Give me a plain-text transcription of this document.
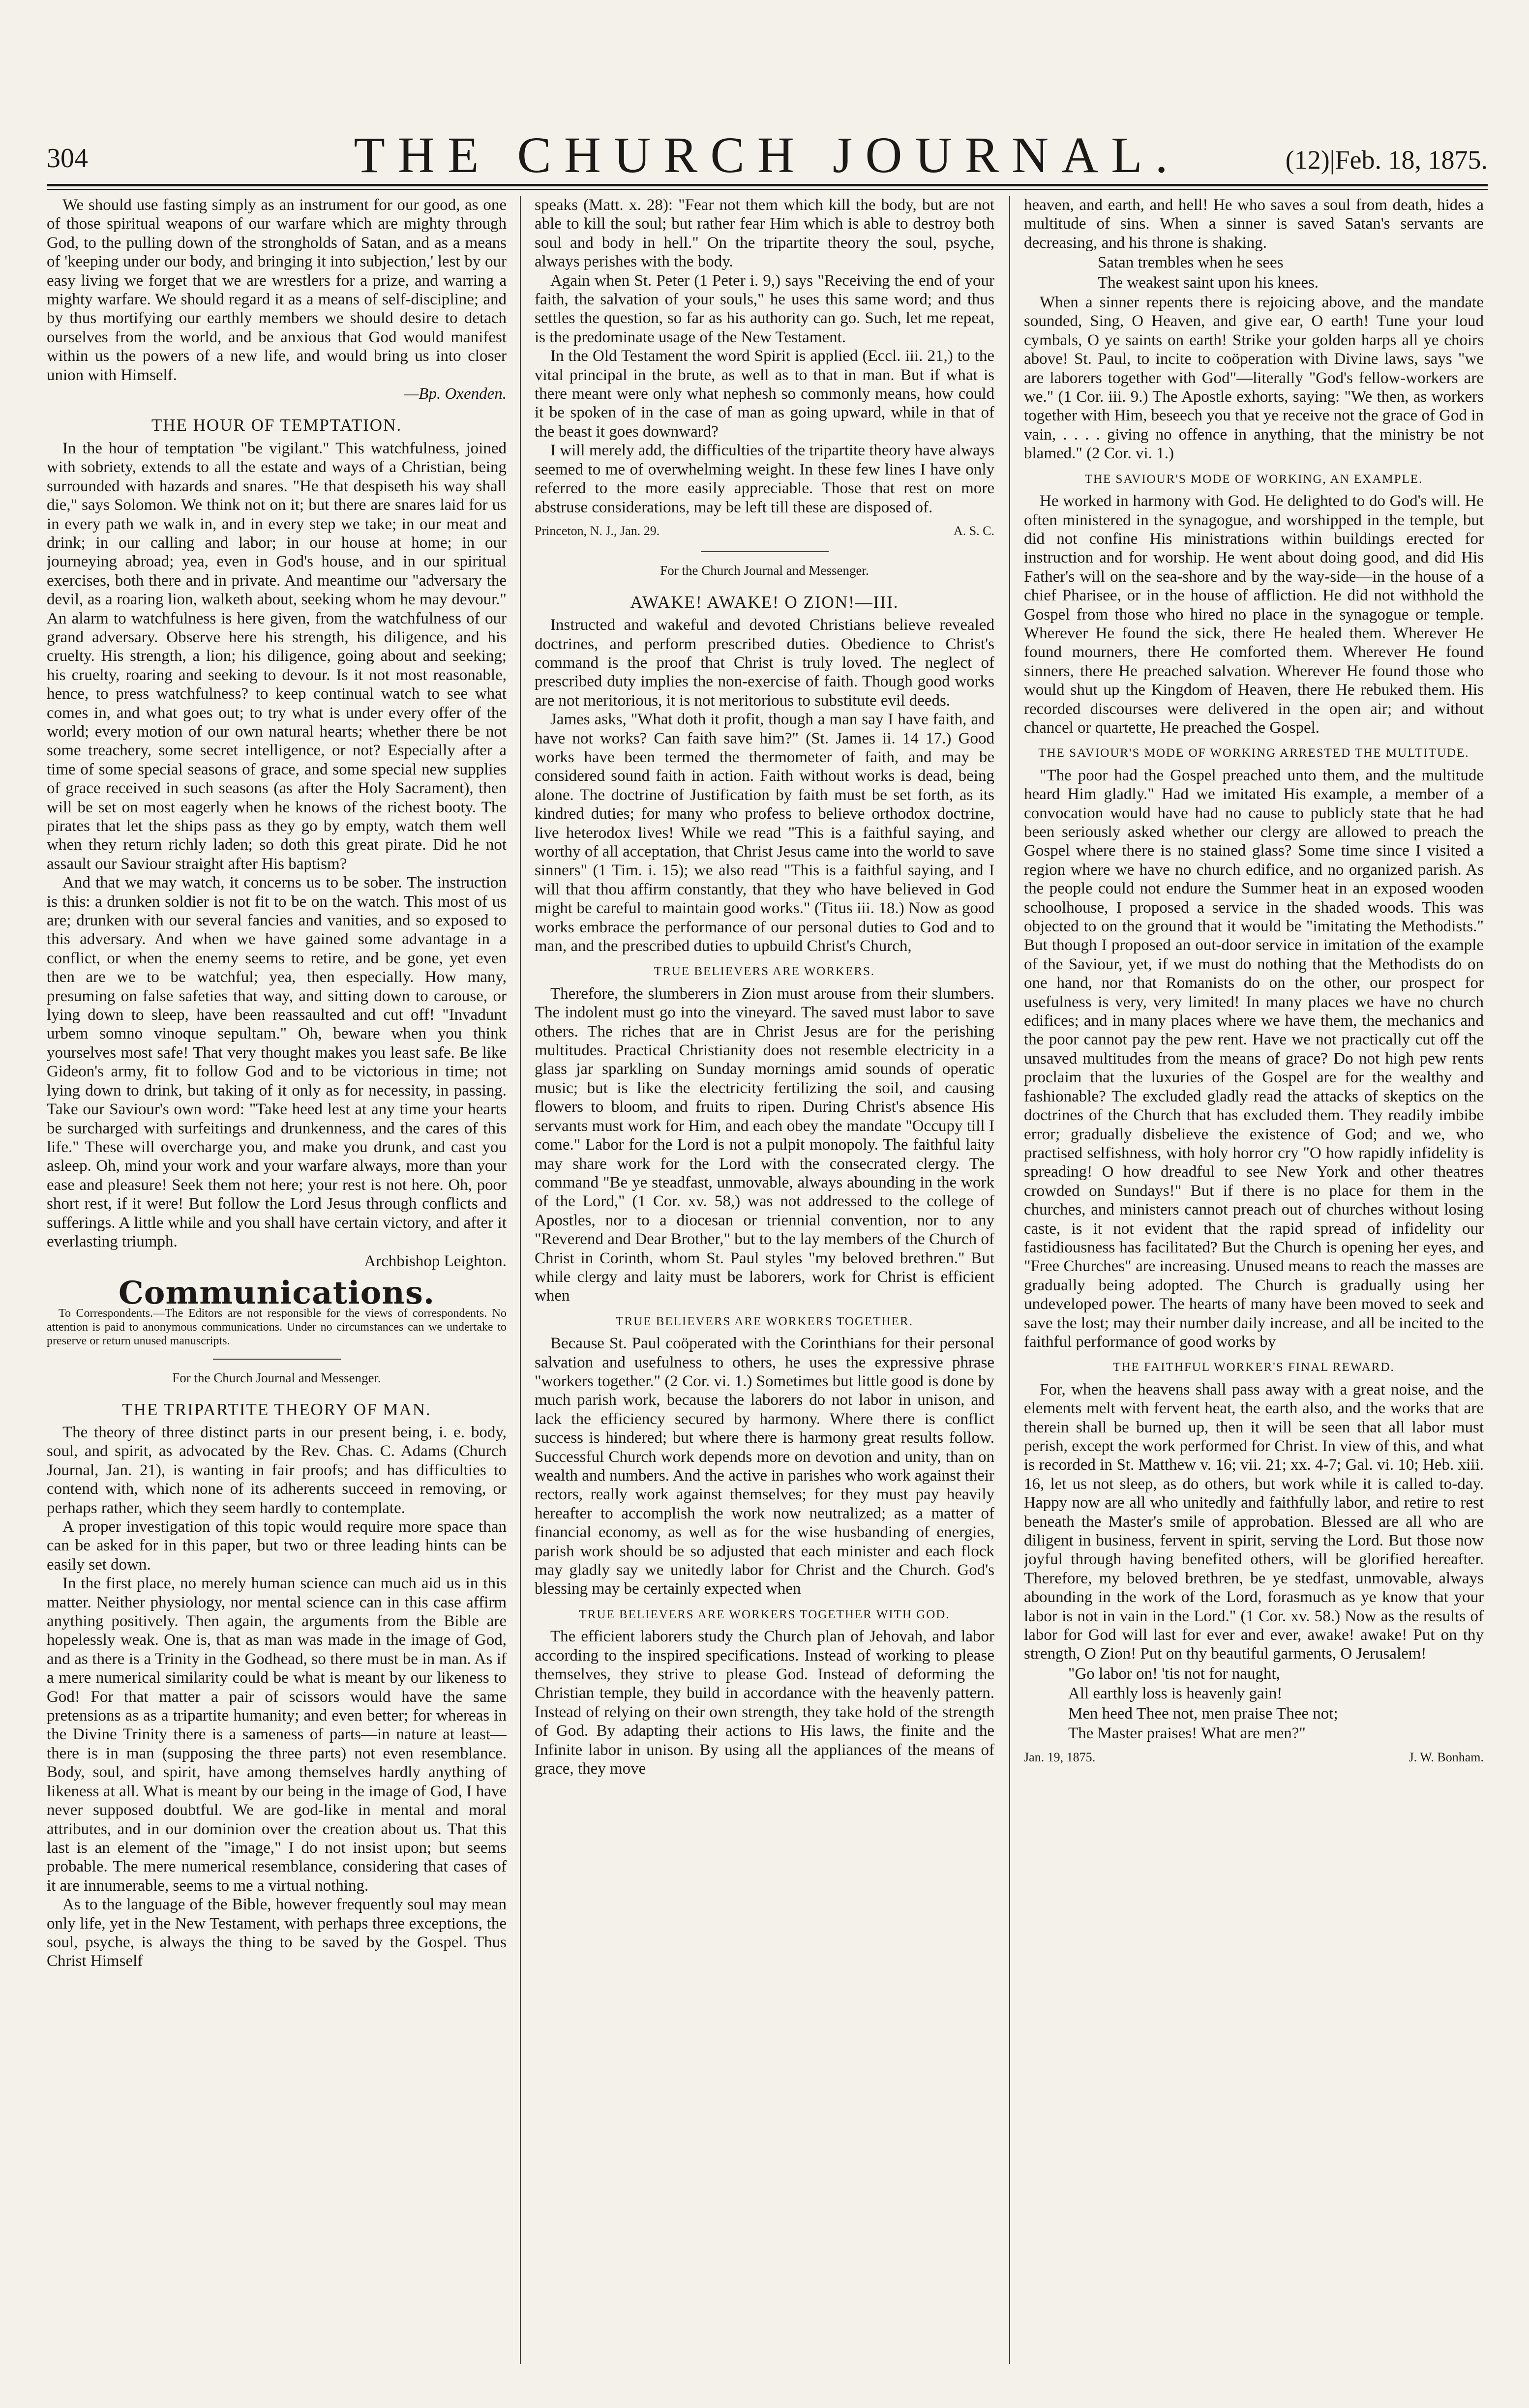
304	THE CHURCH JOURNAL.	(12)|Feb. 18, 1875.

We should use fasting simply as an instrument for our good, as one of those spiritual weapons of our warfare which are mighty through God, to the pulling down of the strongholds of Satan, and as a means of 'keeping under our body, and bringing it into subjection,' lest by our easy living we forget that we are wrestlers for a prize, and warring a mighty warfare. We should regard it as a means of self-discipline; and by thus mortifying our earthly members we should desire to detach ourselves from the world, and be anxious that God would manifest within us the powers of a new life, and would bring us into closer union with Himself.

—Bp. Oxenden.
THE HOUR OF TEMPTATION.

In the hour of temptation "be vigilant." This watchfulness, joined with sobriety, extends to all the estate and ways of a Christian, being surrounded with hazards and snares. "He that despiseth his way shall die," says Solomon. We think not on it; but there are snares laid for us in every path we walk in, and in every step we take; in our meat and drink; in our calling and labor; in our house at home; in our journeying abroad; yea, even in God's house, and in our spiritual exercises, both there and in private. And meantime our "adversary the devil, as a roaring lion, walketh about, seeking whom he may devour." An alarm to watchfulness is here given, from the watchfulness of our grand adversary. Observe here his strength, his diligence, and his cruelty. His strength, a lion; his diligence, going about and seeking; his cruelty, roaring and seeking to devour. Is it not most reasonable, hence, to press watchfulness? to keep continual watch to see what comes in, and what goes out; to try what is under every offer of the world; every motion of our own natural hearts; whether there be not some treachery, some secret intelligence, or not? Especially after a time of some special seasons of grace, and some special new supplies of grace received in such seasons (as after the Holy Sacrament), then will be set on most eagerly when he knows of the richest booty. The pirates that let the ships pass as they go by empty, watch them well when they return richly laden; so doth this great pirate. Did he not assault our Saviour straight after His baptism?

And that we may watch, it concerns us to be sober. The instruction is this: a drunken soldier is not fit to be on the watch. This most of us are; drunken with our several fancies and vanities, and so exposed to this adversary. And when we have gained some advantage in a conflict, or when the enemy seems to retire, and be gone, yet even then are we to be watchful; yea, then especially. How many, presuming on false safeties that way, and sitting down to carouse, or lying down to sleep, have been reassaulted and cut off! "Invadunt urbem somno vinoque sepultam." Oh, beware when you think yourselves most safe! That very thought makes you least safe. Be like Gideon's army, fit to follow God and to be victorious in time; not lying down to drink, but taking of it only as for necessity, in passing. Take our Saviour's own word: "Take heed lest at any time your hearts be surcharged with surfeitings and drunkenness, and the cares of this life." These will overcharge you, and make you drunk, and cast you asleep. Oh, mind your work and your warfare always, more than your ease and pleasure! Seek them not here; your rest is not here. Oh, poor short rest, if it were! But follow the Lord Jesus through conflicts and sufferings. A little while and you shall have certain victory, and after it everlasting triumph.

Archbishop Leighton.
Communications.

To Correspondents.—The Editors are not responsible for the views of correspondents. No attention is paid to anonymous communications. Under no circumstances can we undertake to preserve or return unused manuscripts.

For the Church Journal and Messenger.
THE TRIPARTITE THEORY OF MAN.

The theory of three distinct parts in our present being, i. e. body, soul, and spirit, as advocated by the Rev. Chas. C. Adams (Church Journal, Jan. 21), is wanting in fair proofs; and has difficulties to contend with, which none of its adherents succeed in removing, or perhaps rather, which they seem hardly to contemplate.

A proper investigation of this topic would require more space than can be asked for in this paper, but two or three leading hints can be easily set down.

In the first place, no merely human science can much aid us in this matter. Neither physiology, nor mental science can in this case affirm anything positively. Then again, the arguments from the Bible are hopelessly weak. One is, that as man was made in the image of God, and as there is a Trinity in the Godhead, so there must be in man. As if a mere numerical similarity could be what is meant by our likeness to God! For that matter a pair of scissors would have the same pretensions as as a tripartite humanity; and even better; for whereas in the Divine Trinity there is a sameness of parts—in nature at least—there is in man (supposing the three parts) not even resemblance. Body, soul, and spirit, have among themselves hardly anything of likeness at all. What is meant by our being in the image of God, I have never supposed doubtful. We are god-like in mental and moral attributes, and in our dominion over the creation about us. That this last is an element of the "image," I do not insist upon; but seems probable. The mere numerical resemblance, considering that cases of it are innumerable, seems to me a virtual nothing.

As to the language of the Bible, however frequently soul may mean only life, yet in the New Testament, with perhaps three exceptions, the soul, psyche, is always the thing to be saved by the Gospel. Thus Christ Himself

speaks (Matt. x. 28): "Fear not them which kill the body, but are not able to kill the soul; but rather fear Him which is able to destroy both soul and body in hell." On the tripartite theory the soul, psyche, always perishes with the body.

Again when St. Peter (1 Peter i. 9,) says "Receiving the end of your faith, the salvation of your souls," he uses this same word; and thus settles the question, so far as his authority can go. Such, let me repeat, is the predominate usage of the New Testament.

In the Old Testament the word Spirit is applied (Eccl. iii. 21,) to the vital principal in the brute, as well as to that in man. But if what is there meant were only what nephesh so commonly means, how could it be spoken of in the case of man as going upward, while in that of the beast it goes downward?

I will merely add, the difficulties of the tripartite theory have always seemed to me of overwhelming weight. In these few lines I have only referred to the more easily appreciable. Those that rest on more abstruse considerations, may be left till these are disposed of.

Princeton, N. J., Jan. 29.	A. S. C.
For the Church Journal and Messenger.
AWAKE! AWAKE! O ZION!—III.

Instructed and wakeful and devoted Christians believe revealed doctrines, and perform prescribed duties. Obedience to Christ's command is the proof that Christ is truly loved. The neglect of prescribed duty implies the non-exercise of faith. Though good works are not meritorious, it is not meritorious to substitute evil deeds.

James asks, "What doth it profit, though a man say I have faith, and have not works? Can faith save him?" (St. James ii. 14 17.) Good works have been termed the thermometer of faith, and may be considered sound faith in action. Faith without works is dead, being alone. The doctrine of Justification by faith must be set forth, as its kindred duties; for many who profess to believe orthodox doctrine, live heterodox lives! While we read "This is a faithful saying, and worthy of all acceptation, that Christ Jesus came into the world to save sinners" (1 Tim. i. 15); we also read "This is a faithful saying, and I will that thou affirm constantly, that they who have believed in God might be careful to maintain good works." (Titus iii. 18.) Now as good works embrace the performance of our personal duties to God and to man, and the prescribed duties to upbuild Christ's Church,

TRUE BELIEVERS ARE WORKERS.

Therefore, the slumberers in Zion must arouse from their slumbers. The indolent must go into the vineyard. The saved must labor to save others. The riches that are in Christ Jesus are for the perishing multitudes. Practical Christianity does not resemble electricity in a glass jar sparkling on Sunday mornings amid sounds of operatic music; but is like the electricity fertilizing the soil, and causing flowers to bloom, and fruits to ripen. During Christ's absence His servants must work for Him, and each obey the mandate "Occupy till I come." Labor for the Lord is not a pulpit monopoly. The faithful laity may share work for the Lord with the consecrated clergy. The command "Be ye steadfast, unmovable, always abounding in the work of the Lord," (1 Cor. xv. 58,) was not addressed to the college of Apostles, nor to a diocesan or triennial convention, nor to any "Reverend and Dear Brother," but to the lay members of the Church of Christ in Corinth, whom St. Paul styles "my beloved brethren." But while clergy and laity must be laborers, work for Christ is efficient when

TRUE BELIEVERS ARE WORKERS TOGETHER.

Because St. Paul coöperated with the Corinthians for their personal salvation and usefulness to others, he uses the expressive phrase "workers together." (2 Cor. vi. 1.) Sometimes but little good is done by much parish work, because the laborers do not labor in unison, and lack the efficiency secured by harmony. Where there is conflict success is hindered; but where there is harmony great results follow. Successful Church work depends more on devotion and unity, than on wealth and numbers. And the active in parishes who work against their rectors, really work against themselves; for they must pay heavily hereafter to accomplish the work now neutralized; as a matter of financial economy, as well as for the wise husbanding of energies, parish work should be so adjusted that each minister and each flock may gladly say we unitedly labor for Christ and the Church. God's blessing may be certainly expected when

TRUE BELIEVERS ARE WORKERS TOGETHER WITH GOD.

The efficient laborers study the Church plan of Jehovah, and labor according to the inspired specifications. Instead of working to please themselves, they strive to please God. Instead of deforming the Christian temple, they build in accordance with the heavenly pattern. Instead of relying on their own strength, they take hold of the strength of God. By adapting their actions to His laws, the finite and the Infinite labor in unison. By using all the appliances of the means of grace, they move

heaven, and earth, and hell! He who saves a soul from death, hides a multitude of sins. When a sinner is saved Satan's servants are decreasing, and his throne is shaking.

Satan trembles when he sees

The weakest saint upon his knees.

When a sinner repents there is rejoicing above, and the mandate sounded, Sing, O Heaven, and give ear, O earth! Tune your loud cymbals, O ye saints on earth! Strike your golden harps all ye choirs above! St. Paul, to incite to coöperation with Divine laws, says "we are laborers together with God"—literally "God's fellow-workers are we." (1 Cor. iii. 9.) The Apostle exhorts, saying: "We then, as workers together with Him, beseech you that ye receive not the grace of God in vain, . . . . giving no offence in anything, that the ministry be not blamed." (2 Cor. vi. 1.)

THE SAVIOUR'S MODE OF WORKING, AN EXAMPLE.

He worked in harmony with God. He delighted to do God's will. He often ministered in the synagogue, and worshipped in the temple, but did not confine His ministrations within buildings erected for instruction and for worship. He went about doing good, and did His Father's will on the sea-shore and by the way-side—in the house of a chief Pharisee, or in the house of affliction. He did not withhold the Gospel from those who hired no place in the synagogue or temple. Wherever He found the sick, there He healed them. Wherever He found mourners, there He comforted them. Wherever He found sinners, there He preached salvation. Wherever He found those who would shut up the Kingdom of Heaven, there He rebuked them. His recorded discourses were delivered in the open air; and without chancel or quartette, He preached the Gospel.

THE SAVIOUR'S MODE OF WORKING ARRESTED THE MULTITUDE.

"The poor had the Gospel preached unto them, and the multitude heard Him gladly." Had we imitated His example, a member of a convocation would have had no cause to publicly state that he had been seriously asked whether our clergy are allowed to preach the Gospel where there is no stained glass? Some time since I visited a region where we have no church edifice, and no organized parish. As the people could not endure the Summer heat in an exposed wooden schoolhouse, I proposed a service in the shaded woods. This was objected to on the ground that it would be "imitating the Methodists." But though I proposed an out-door service in imitation of the example of the Saviour, yet, if we must do nothing that the Methodists do on one hand, nor that Romanists do on the other, our prospect for usefulness is very, very limited! In many places we have no church edifices; and in many places where we have them, the mechanics and the poor cannot pay the pew rent. Have we not practically cut off the unsaved multitudes from the means of grace? Do not high pew rents proclaim that the luxuries of the Gospel are for the wealthy and fashionable? The excluded gladly read the attacks of skeptics on the doctrines of the Church that has excluded them. They readily imbibe error; gradually disbelieve the existence of God; and we, who practised selfishness, with holy horror cry "O how rapidly infidelity is spreading! O how dreadful to see New York and other theatres crowded on Sundays!" But if there is no place for them in the churches, and ministers cannot preach out of churches without losing caste, is it not evident that the rapid spread of infidelity our fastidiousness has facilitated? But the Church is opening her eyes, and "Free Churches" are increasing. Unused means to reach the masses are gradually being adopted. The Church is gradually using her undeveloped power. The hearts of many have been moved to seek and save the lost; may their number daily increase, and all be incited to the faithful performance of good works by

THE FAITHFUL WORKER'S FINAL REWARD.

For, when the heavens shall pass away with a great noise, and the elements melt with fervent heat, the earth also, and the works that are therein shall be burned up, then it will be seen that all labor must perish, except the work performed for Christ. In view of this, and what is recorded in St. Matthew v. 16; vii. 21; xx. 4-7; Gal. vi. 10; Heb. xiii. 16, let us not sleep, as do others, but work while it is called to-day. Happy now are all who unitedly and faithfully labor, and retire to rest beneath the Master's smile of approbation. Blessed are all who are diligent in business, fervent in spirit, serving the Lord. But those now joyful through having benefited others, will be glorified hereafter. Therefore, my beloved brethren, be ye stedfast, unmovable, always abounding in the work of the Lord, forasmuch as ye know that your labor is not in vain in the Lord." (1 Cor. xv. 58.) Now as the results of labor for God will last for ever and ever, awake! awake! Put on thy strength, O Zion! Put on thy beautiful garments, O Jerusalem!

"Go labor on! 'tis not for naught,

All earthly loss is heavenly gain!

Men heed Thee not, men praise Thee not;

The Master praises! What are men?"

Jan. 19, 1875.	J. W. Bonham.
